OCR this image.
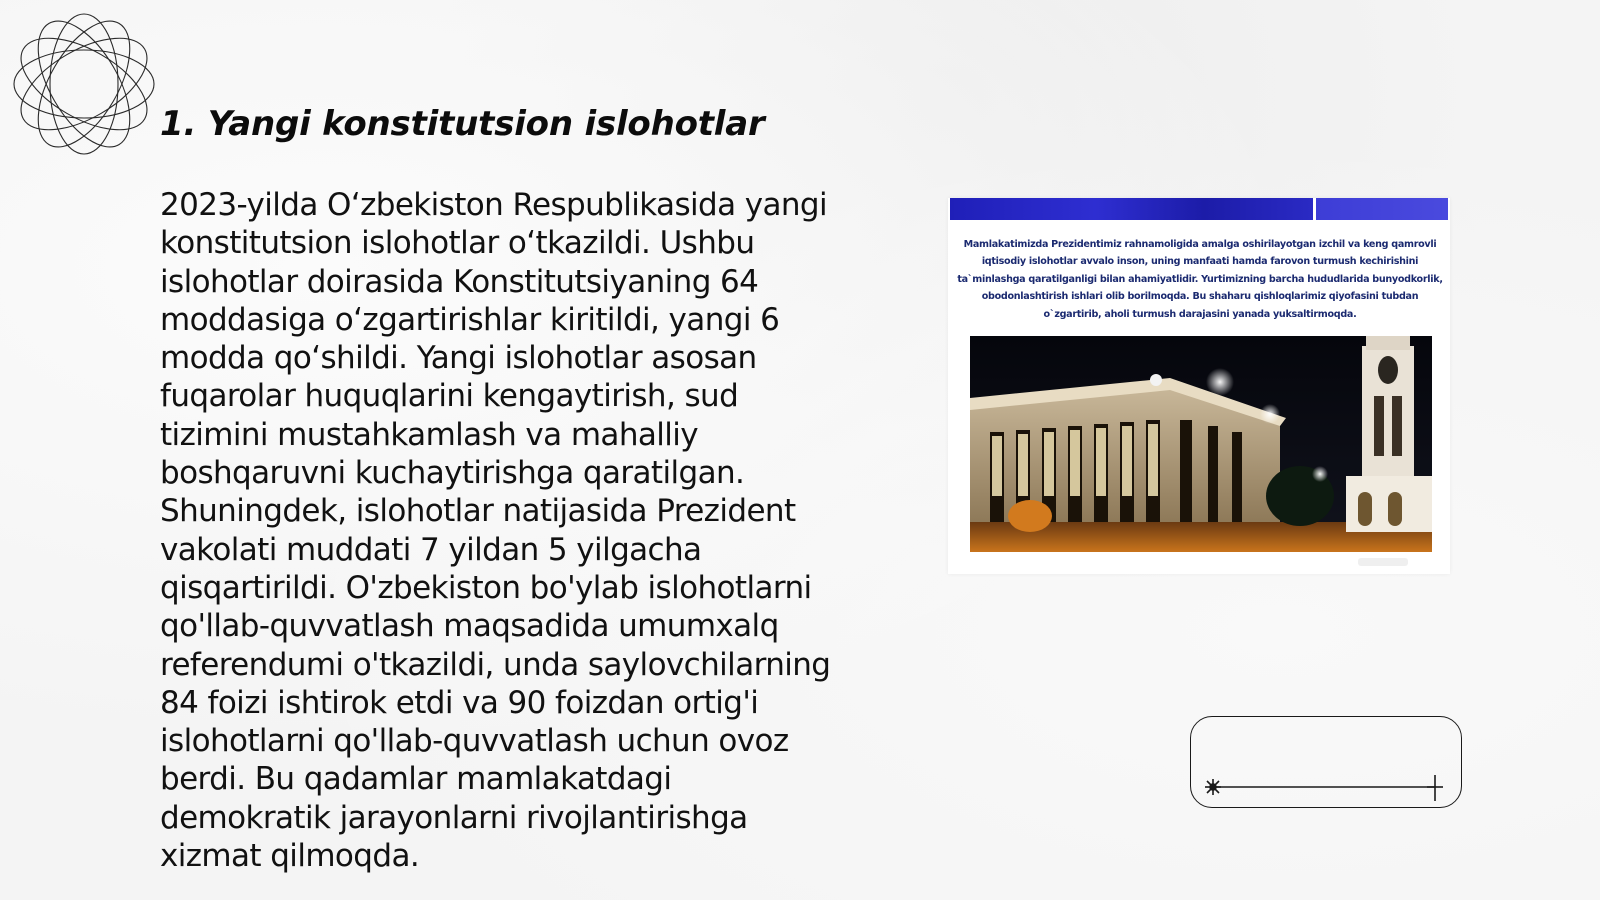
1. Yangi konstitutsion islohotlar

2023-yilda O‘zbekiston Respublikasida yangi
konstitutsion islohotlar o‘tkazildi. Ushbu
islohotlar doirasida Konstitutsiyaning 64
moddasiga o‘zgartirishlar kiritildi, yangi 6
modda qo‘shildi. Yangi islohotlar asosan
fuqarolar huquqlarini kengaytirish, sud
tizimini mustahkamlash va mahalliy
boshqaruvni kuchaytirishga qaratilgan.
Shuningdek, islohotlar natijasida Prezident
vakolati muddati 7 yildan 5 yilgacha
qisqartirildi. O'zbekiston bo'ylab islohotlarni
qo'llab-quvvatlash maqsadida umumxalq
referendumi o'tkazildi, unda saylovchilarning
84 foizi ishtirok etdi va 90 foizdan ortig'i
islohotlarni qo'llab-quvvatlash uchun ovoz
berdi. Bu qadamlar mamlakatdagi
demokratik jarayonlarni rivojlantirishga
xizmat qilmoqda.

Mamlakatimizda Prezidentimiz rahnamoligida amalga oshirilayotgan izchil va keng qamrovli
iqtisodiy islohotlar avvalo inson, uning manfaati hamda farovon turmush kechirishini
ta`minlashga qaratilganligi bilan ahamiyatlidir. Yurtimizning barcha hududlarida bunyodkorlik,
obodonlashtirish ishlari olib borilmoqda. Bu shaharu qishloqlarimiz qiyofasini tubdan
o`zgartirib, aholi turmush darajasini yanada yuksaltirmoqda.
